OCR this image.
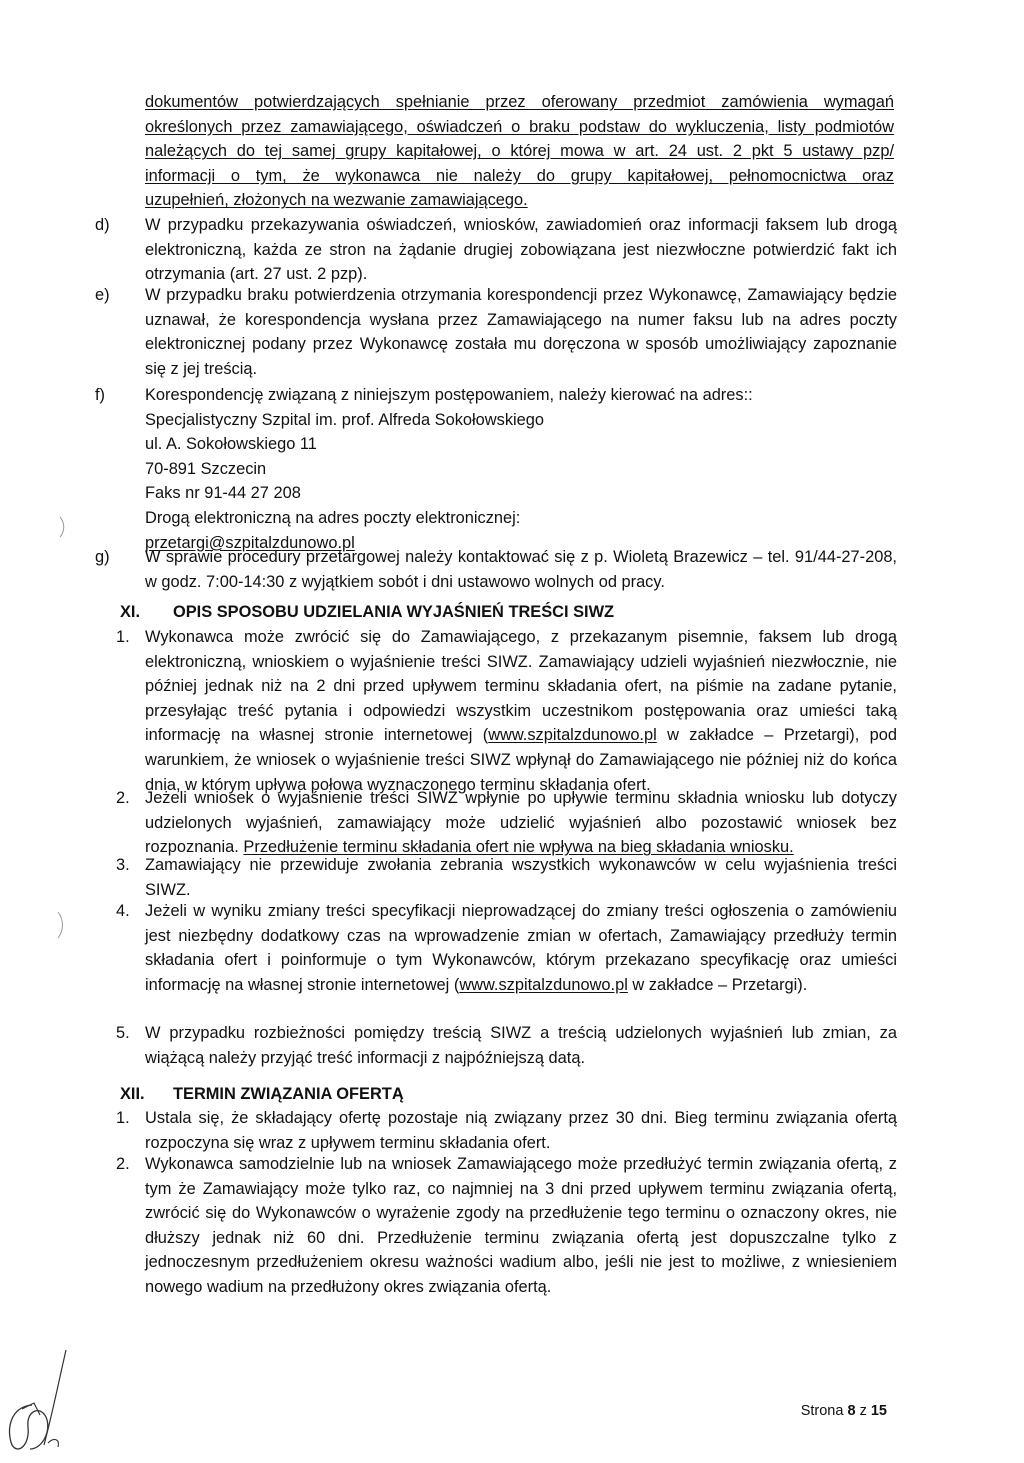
dokumentów potwierdzających spełnianie przez oferowany przedmiot zamówienia wymagań
określonych przez zamawiającego, oświadczeń o braku podstaw do wykluczenia, listy podmiotów
należących do tej samej grupy kapitałowej, o której mowa w art. 24 ust. 2 pkt 5 ustawy pzp/
informacji o tym, że wykonawca nie należy do grupy kapitałowej, pełnomocnictwa oraz
uzupełnień, złożonych na wezwanie zamawiającego.
d) W przypadku przekazywania oświadczeń, wniosków, zawiadomień oraz informacji faksem lub drogą elektroniczną, każda ze stron na żądanie drugiej zobowiązana jest niezwłoczne potwierdzić fakt ich otrzymania (art. 27 ust. 2 pzp).

e) W przypadku braku potwierdzenia otrzymania korespondencji przez Wykonawcę, Zamawiający będzie uznawał, że korespondencja wysłana przez Zamawiającego na numer faksu lub na adres poczty elektronicznej podany przez Wykonawcę została mu doręczona w sposób umożliwiający zapoznanie się z jej treścią.

f) Korespondencję związaną z niniejszym postępowaniem, należy kierować na adres::
Specjalistyczny Szpital im. prof. Alfreda Sokołowskiego
ul. A. Sokołowskiego 11
70-891 Szczecin
Faks nr 91-44 27 208
Drogą elektroniczną na adres poczty elektronicznej:
przetargi@szpitalzdunowo.pl
g) W sprawie procedury przetargowej należy kontaktować się z p. Wioletą Brazewicz – tel. 91/44-27-208, w godz. 7:00-14:30 z wyjątkiem sobót i dni ustawowo wolnych od pracy.

XI. OPIS SPOSOBU UDZIELANIA WYJAŚNIEŃ TREŚCI SIWZ
1. Wykonawca może zwrócić się do Zamawiającego, z przekazanym pisemnie, faksem lub drogą elektroniczną, wnioskiem o wyjaśnienie treści SIWZ. Zamawiający udzieli wyjaśnień niezwłocznie, nie później jednak niż na 2 dni przed upływem terminu składania ofert, na piśmie na zadane pytanie, przesyłając treść pytania i odpowiedzi wszystkim uczestnikom postępowania oraz umieści taką informację na własnej stronie internetowej (www.szpitalzdunowo.pl w zakładce – Przetargi), pod warunkiem, że wniosek o wyjaśnienie treści SIWZ wpłynął do Zamawiającego nie później niż do końca dnia, w którym upływa połowa wyznaczonego terminu składania ofert.

2. Jeżeli wniosek o wyjaśnienie treści SIWZ wpłynie po upływie terminu składnia wniosku lub dotyczy udzielonych wyjaśnień, zamawiający może udzielić wyjaśnień albo pozostawić wniosek bez rozpoznania. Przedłużenie terminu składania ofert nie wpływa na bieg składania wniosku.

3. Zamawiający nie przewiduje zwołania zebrania wszystkich wykonawców w celu wyjaśnienia treści SIWZ.

4. Jeżeli w wyniku zmiany treści specyfikacji nieprowadzącej do zmiany treści ogłoszenia o zamówieniu jest niezbędny dodatkowy czas na wprowadzenie zmian w ofertach, Zamawiający przedłuży termin składania ofert i poinformuje o tym Wykonawców, którym przekazano specyfikację oraz umieści informację na własnej stronie internetowej (www.szpitalzdunowo.pl w zakładce – Przetargi).

5. W przypadku rozbieżności pomiędzy treścią SIWZ a treścią udzielonych wyjaśnień lub zmian, za wiążącą należy przyjąć treść informacji z najpóźniejszą datą.

XII. TERMIN ZWIĄZANIA OFERTĄ
1. Ustala się, że składający ofertę pozostaje nią związany przez 30 dni. Bieg terminu związania ofertą rozpoczyna się wraz z upływem terminu składania ofert.

2. Wykonawca samodzielnie lub na wniosek Zamawiającego może przedłużyć termin związania ofertą, z tym że Zamawiający może tylko raz, co najmniej na 3 dni przed upływem terminu związania ofertą, zwrócić się do Wykonawców o wyrażenie zgody na przedłużenie tego terminu o oznaczony okres, nie dłuższy jednak niż 60 dni. Przedłużenie terminu związania ofertą jest dopuszczalne tylko z jednoczesnym przedłużeniem okresu ważności wadium albo, jeśli nie jest to możliwe, z wniesieniem nowego wadium na przedłużony okres związania ofertą.

Strona 8 z 15
